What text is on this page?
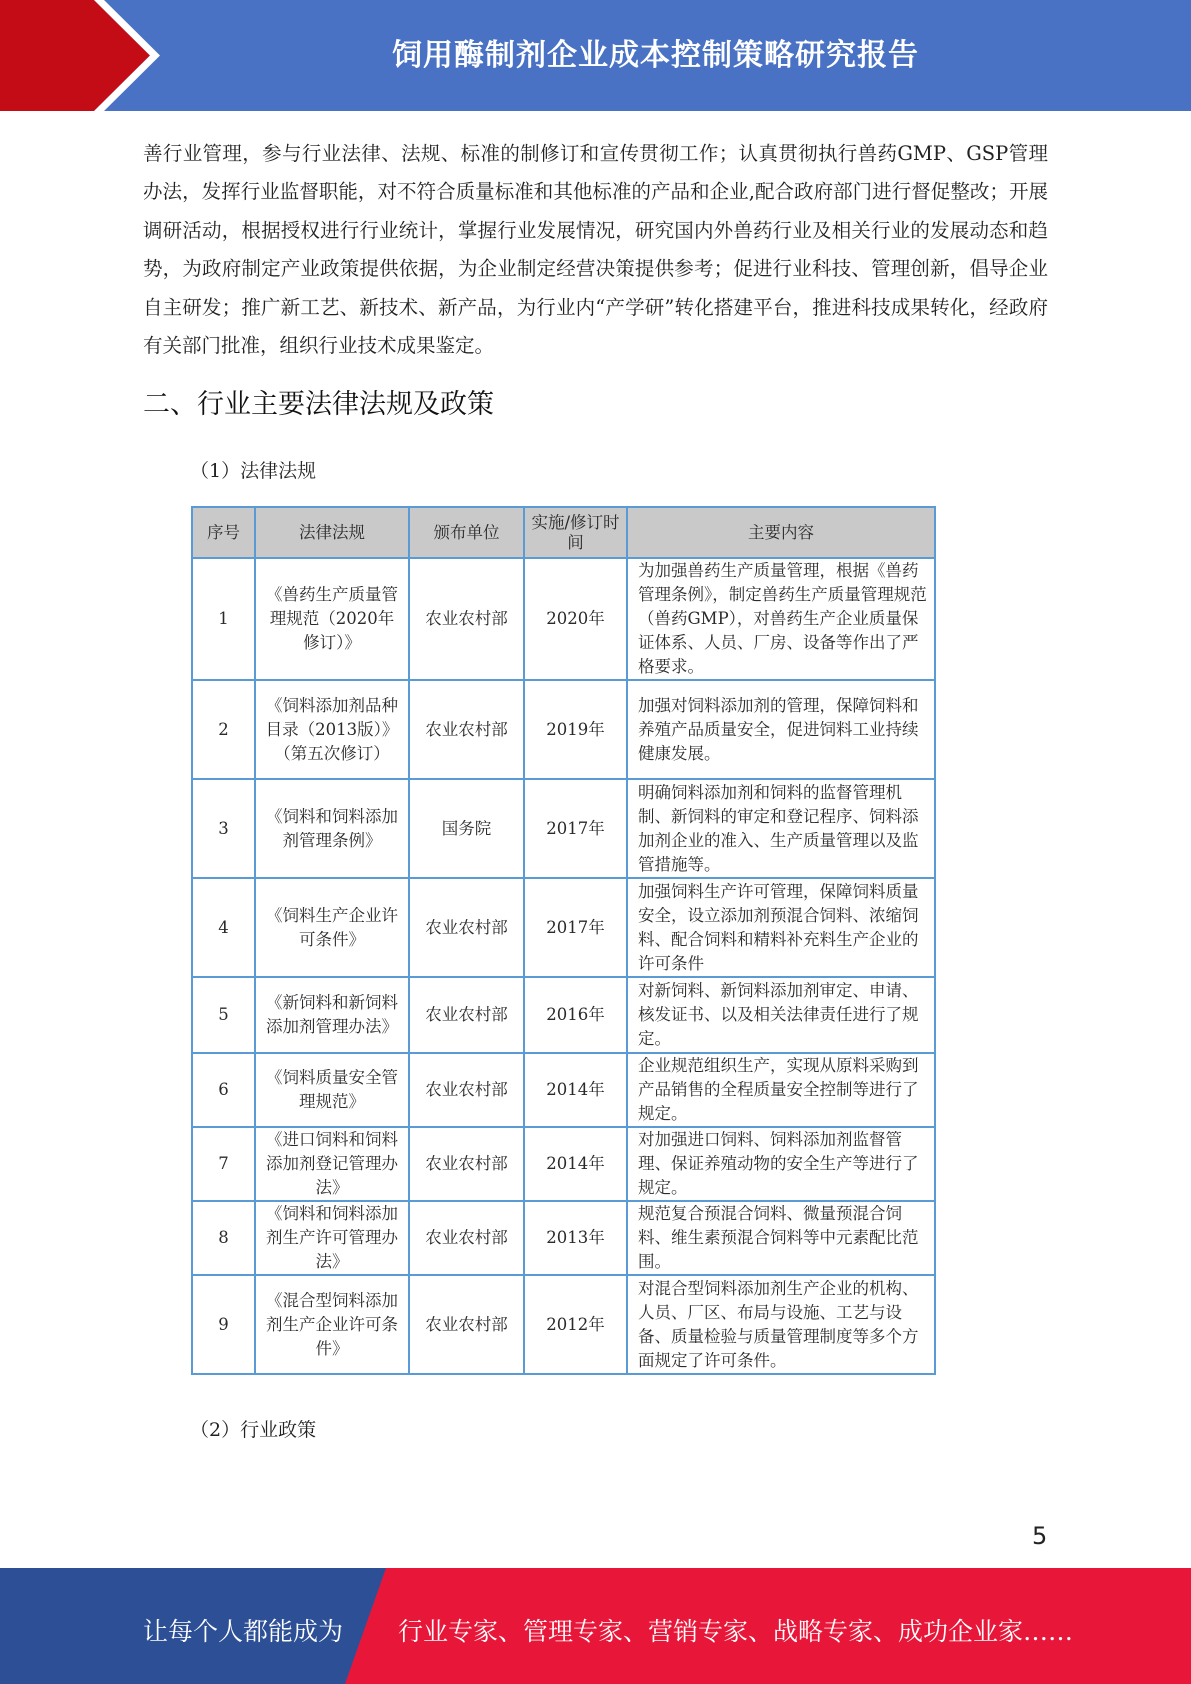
饲用酶制剂企业成本控制策略研究报告
善行业管理，参与行业法律、法规、标准的制修订和宣传贯彻工作；认真贯彻执行兽药GMP、GSP管理办法，发挥行业监督职能，对不符合质量标准和其他标准的产品和企业,配合政府部门进行督促整改；开展调研活动，根据授权进行行业统计，掌握行业发展情况，研究国内外兽药行业及相关行业的发展动态和趋势，为政府制定产业政策提供依据，为企业制定经营决策提供参考；促进行业科技、管理创新，倡导企业自主研发；推广新工艺、新技术、新产品，为行业内“产学研”转化搭建平台，推进科技成果转化，经政府有关部门批准，组织行业技术成果鉴定。
二、行业主要法律法规及政策
（1）法律法规
序号	法律法规	颁布单位	实施/修订时间	主要内容
1	《兽药生产质量管理规范（2020年修订）》	农业农村部	2020年	为加强兽药生产质量管理，根据《兽药管理条例》，制定兽药生产质量管理规范（兽药GMP），对兽药生产企业质量保证体系、人员、厂房、设备等作出了严格要求。
2	《饲料添加剂品种目录（2013版）》（第五次修订）	农业农村部	2019年	加强对饲料添加剂的管理，保障饲料和养殖产品质量安全，促进饲料工业持续健康发展。
3	《饲料和饲料添加剂管理条例》	国务院	2017年	明确饲料添加剂和饲料的监督管理机制、新饲料的审定和登记程序、饲料添加剂企业的准入、生产质量管理以及监管措施等。
4	《饲料生产企业许可条件》	农业农村部	2017年	加强饲料生产许可管理，保障饲料质量安全，设立添加剂预混合饲料、浓缩饲料、配合饲料和精料补充料生产企业的许可条件
5	《新饲料和新饲料添加剂管理办法》	农业农村部	2016年	对新饲料、新饲料添加剂审定、申请、核发证书、以及相关法律责任进行了规定。
6	《饲料质量安全管理规范》	农业农村部	2014年	企业规范组织生产，实现从原料采购到产品销售的全程质量安全控制等进行了规定。
7	《进口饲料和饲料添加剂登记管理办法》	农业农村部	2014年	对加强进口饲料、饲料添加剂监督管理、保证养殖动物的安全生产等进行了规定。
8	《饲料和饲料添加剂生产许可管理办法》	农业农村部	2013年	规范复合预混合饲料、微量预混合饲料、维生素预混合饲料等中元素配比范围。
9	《混合型饲料添加剂生产企业许可条件》	农业农村部	2012年	对混合型饲料添加剂生产企业的机构、人员、厂区、布局与设施、工艺与设备、质量检验与质量管理制度等多个方面规定了许可条件。
（2）行业政策
5
让每个人都能成为 行业专家、管理专家、营销专家、战略专家、成功企业家……
